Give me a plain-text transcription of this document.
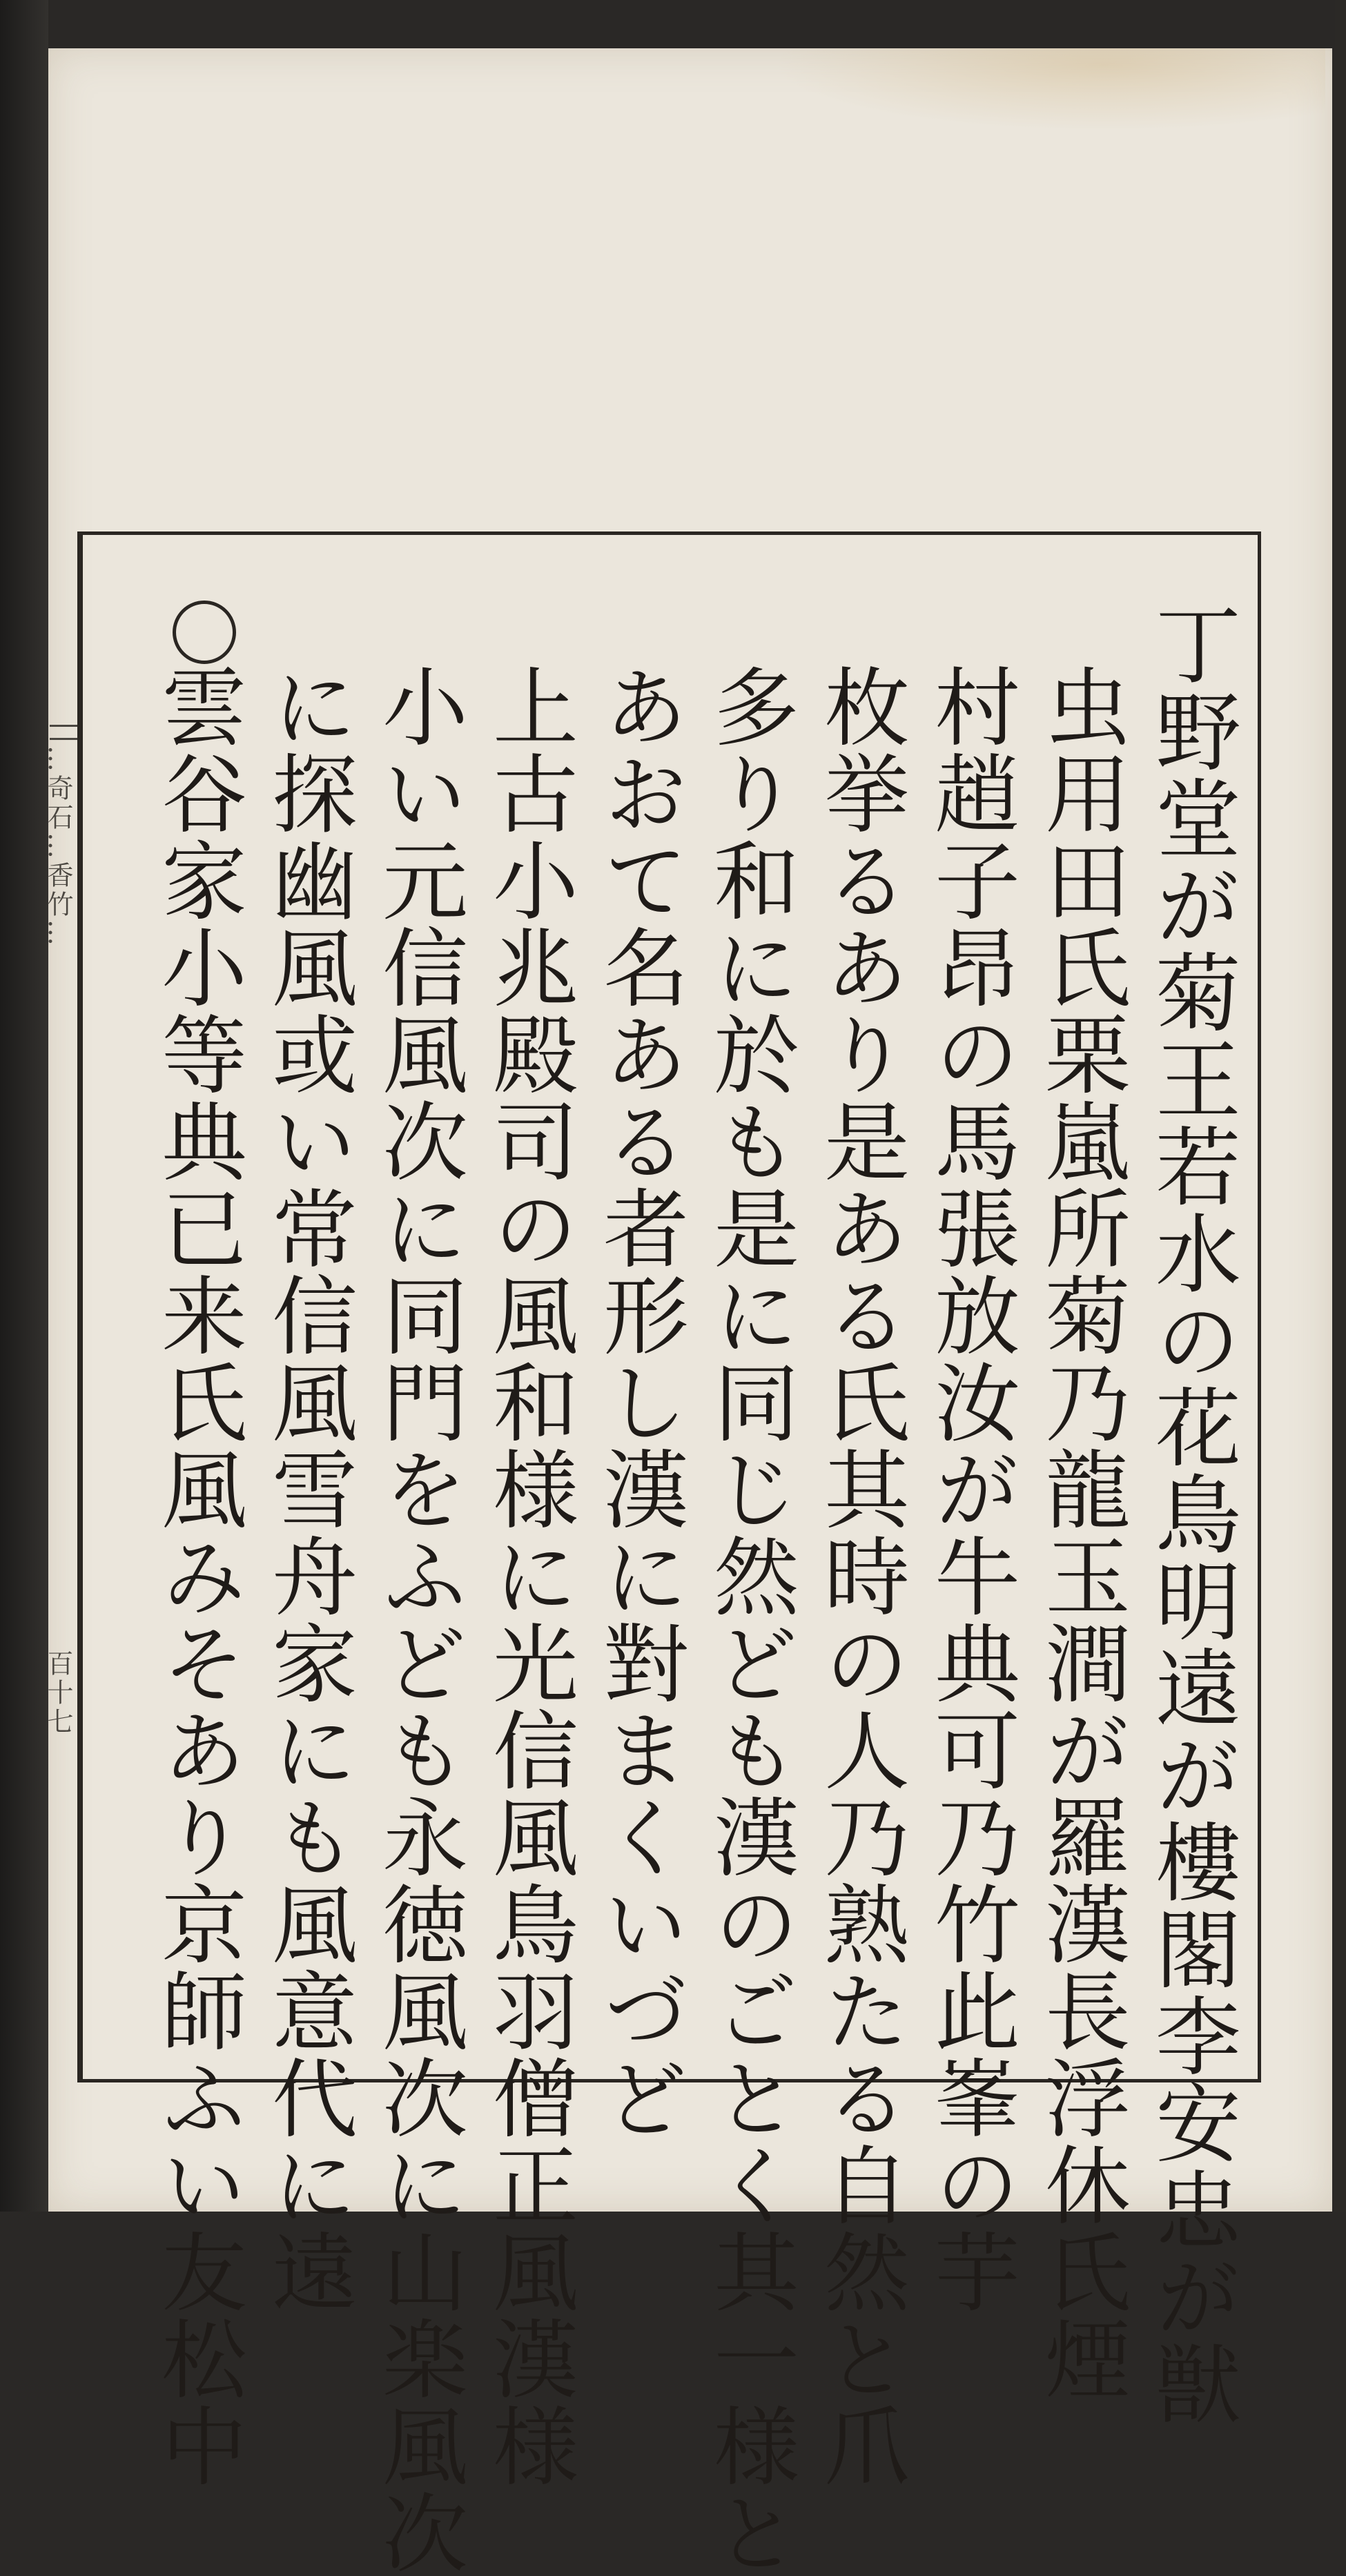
…奇石…香竹…
百十七	丁野堂が菊王若水の花鳥明遠が樓閣李安忠が獣
虫用田氏栗嵐所菊乃龍玉澗が羅漢長浮休氏煙
村趙子昂の馬張放汝が牛典可乃竹此峯の芋
枚挙るあり是ある氏其時の人乃熟たる自然と爪
多り和に於も是に同じ然ども漢のごとく其一様と
あおて名ある者形し漢に對まくいづど
上古小兆殿司の風和様に光信風鳥羽僧正風漢様
小い元信風次に同門をふども永徳風次に山楽風次
に探幽風或い常信風雪舟家にも風意代に遠
雲谷家小等典已来氏風みそあり京師ふい友松中
